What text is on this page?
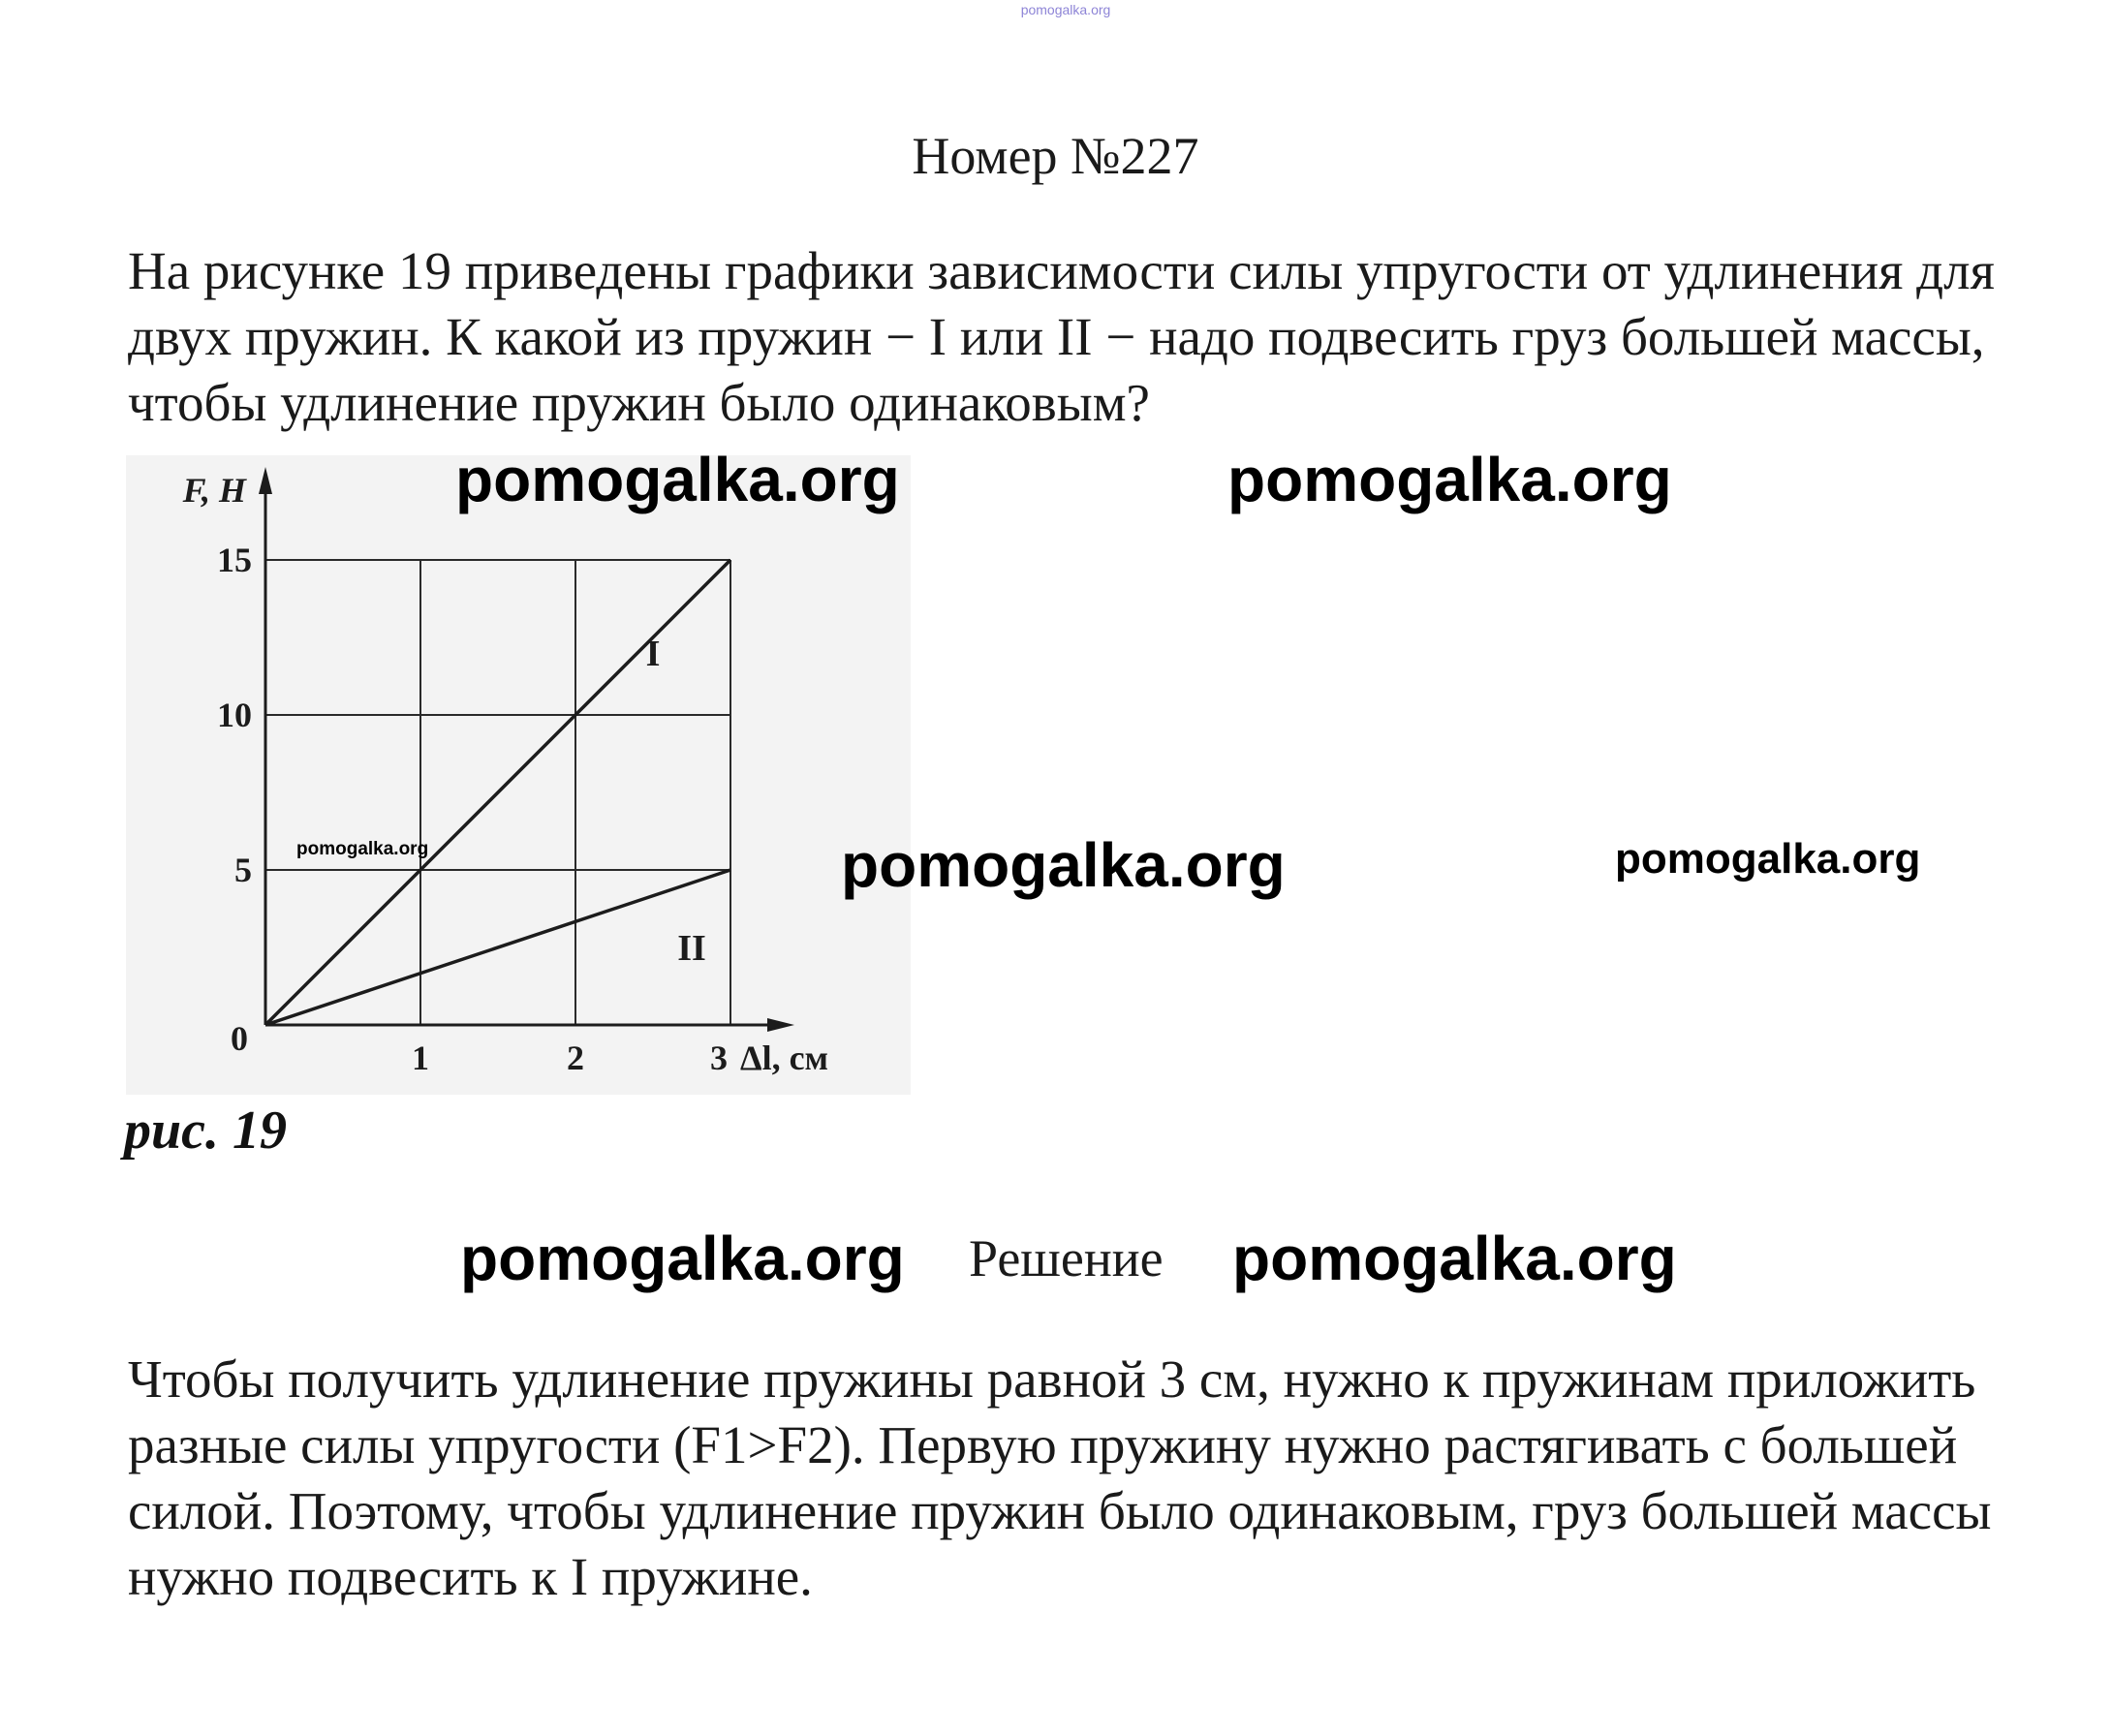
pomogalka.org
Номер №227
На рисунке 19 приведены графики зависимости силы упругости от удлинения для двух пружин. К какой из пружин − I или II − надо подвесить груз большей массы, чтобы удлинение пружин было одинаковым?
1	2	3
5
10
15
0
F, Н
Δl, см
I
II
pomogalka.org	pomogalka.org
pomogalka.org	pomogalka.org	pomogalka.org
рис. 19
pomogalka.org Решение pomogalka.org
Чтобы получить удлинение пружины равной 3 см, нужно к пружинам приложить разные силы упругости (F1>F2). Первую пружину нужно растягивать с большей силой. Поэтому, чтобы удлинение пружин было одинаковым, груз большей массы нужно подвесить к I пружине.
